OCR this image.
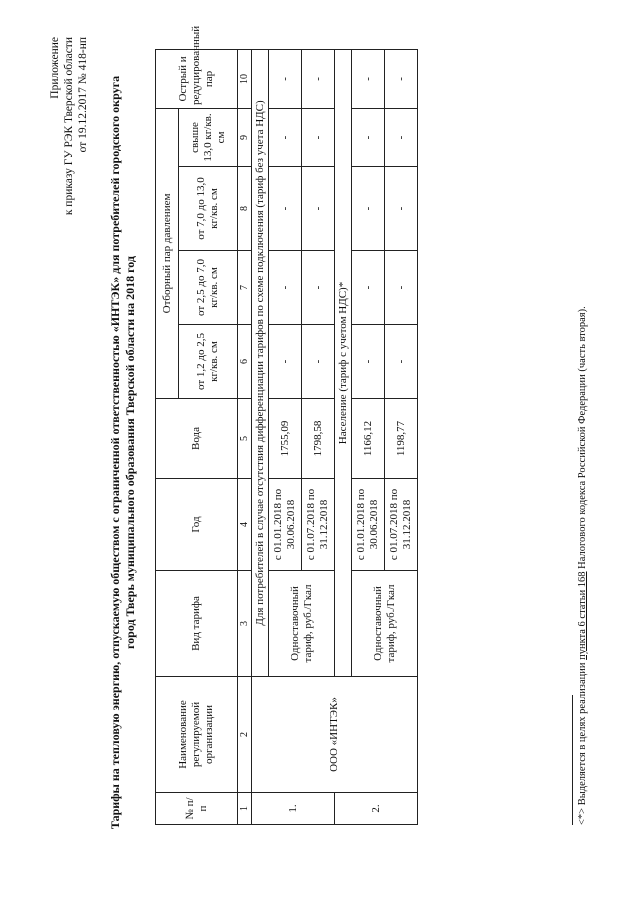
Приложение к приказу ГУ РЭК Тверской области от 19.12.2017 № 418-нп Тарифы на тепловую энергию, отпускаемую обществом с ограниченной ответственностью «ИНТЭК» для потребителей городского округа город Тверь муниципального образования Тверской области на 2018 год
№ п/ п	Наименование регулируемой организации	Вид тарифа	Год	Вода	Отборный пар давлением				Острый и редуцированный пар
					от 1,2 до 2,5 кг/кв. см	от 2,5 до 7,0 кг/кв. см	от 7,0 до 13,0 кг/кв. см	свыше 13,0 кг/кв. см	
1	2	3	4	5	6	7	8	9	10
1.	ООО «ИНТЭК»	Для потребителей в случае отсутствия дифференциации тарифов по схеме подключения (тариф без учета НДС)							
		Одноставочный тариф, руб./Гкал	с 01.01.2018 по 30.06.2018	1755,09	-	-	-	-	-
			с 01.07.2018 по 31.12.2018	1798,58	-	-	-	-	-
2.		Население (тариф с учетом НДС)*							
		Одноставочный тариф, руб./Гкал	с 01.01.2018 по 30.06.2018	1166,12	-	-	-	-	-
			с 01.07.2018 по 31.12.2018	1198,77	-	-	-	-	-
<*> Выделяется в целях реализации пункта 6 статьи 168 Налогового кодекса Российской Федерации (часть вторая).
